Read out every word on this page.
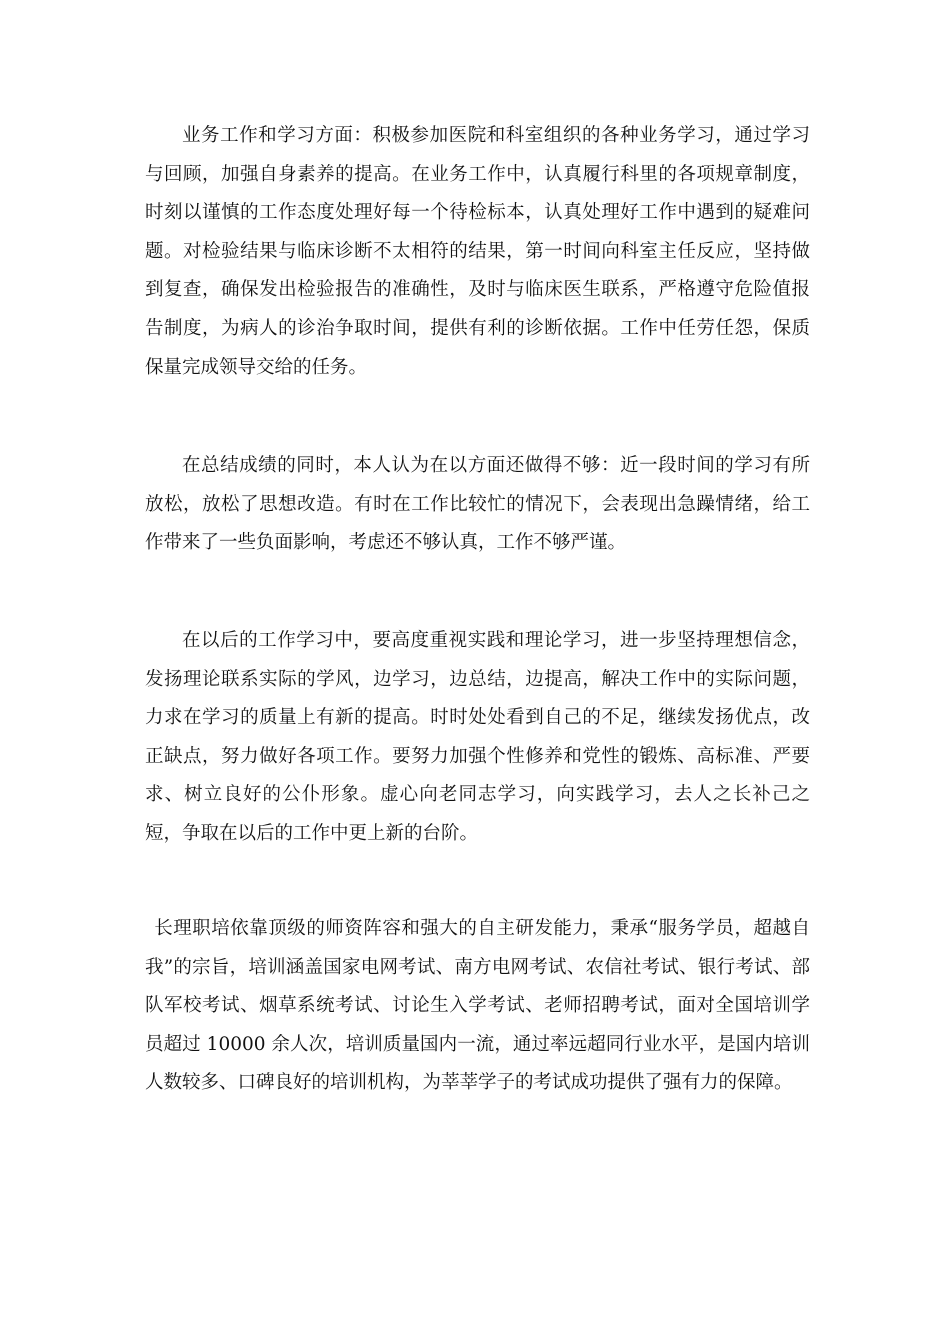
业务工作和学习方面：积极参加医院和科室组织的各种业务学习，通过学习与回顾，加强自身素养的提高。在业务工作中，认真履行科里的各项规章制度，时刻以谨慎的工作态度处理好每一个待检标本，认真处理好工作中遇到的疑难问题。对检验结果与临床诊断不太相符的结果，第一时间向科室主任反应，坚持做到复查，确保发出检验报告的准确性，及时与临床医生联系，严格遵守危险值报告制度，为病人的诊治争取时间，提供有利的诊断依据。工作中任劳任怨，保质保量完成领导交给的任务。

在总结成绩的同时，本人认为在以方面还做得不够：近一段时间的学习有所放松，放松了思想改造。有时在工作比较忙的情况下，会表现出急躁情绪，给工作带来了一些负面影响，考虑还不够认真，工作不够严谨。

在以后的工作学习中，要高度重视实践和理论学习，进一步坚持理想信念，发扬理论联系实际的学风，边学习，边总结，边提高，解决工作中的实际问题，力求在学习的质量上有新的提高。时时处处看到自己的不足，继续发扬优点，改正缺点，努力做好各项工作。要努力加强个性修养和党性的锻炼、高标准、严要求、树立良好的公仆形象。虚心向老同志学习，向实践学习，去人之长补己之短，争取在以后的工作中更上新的台阶。

长理职培依靠顶级的师资阵容和强大的自主研发能力，秉承“服务学员，超越自我”的宗旨，培训涵盖国家电网考试、南方电网考试、农信社考试、银行考试、部队军校考试、烟草系统考试、讨论生入学考试、老师招聘考试，面对全国培训学员超过 10000 余人次，培训质量国内一流，通过率远超同行业水平，是国内培训人数较多、口碑良好的培训机构，为莘莘学子的考试成功提供了强有力的保障。
